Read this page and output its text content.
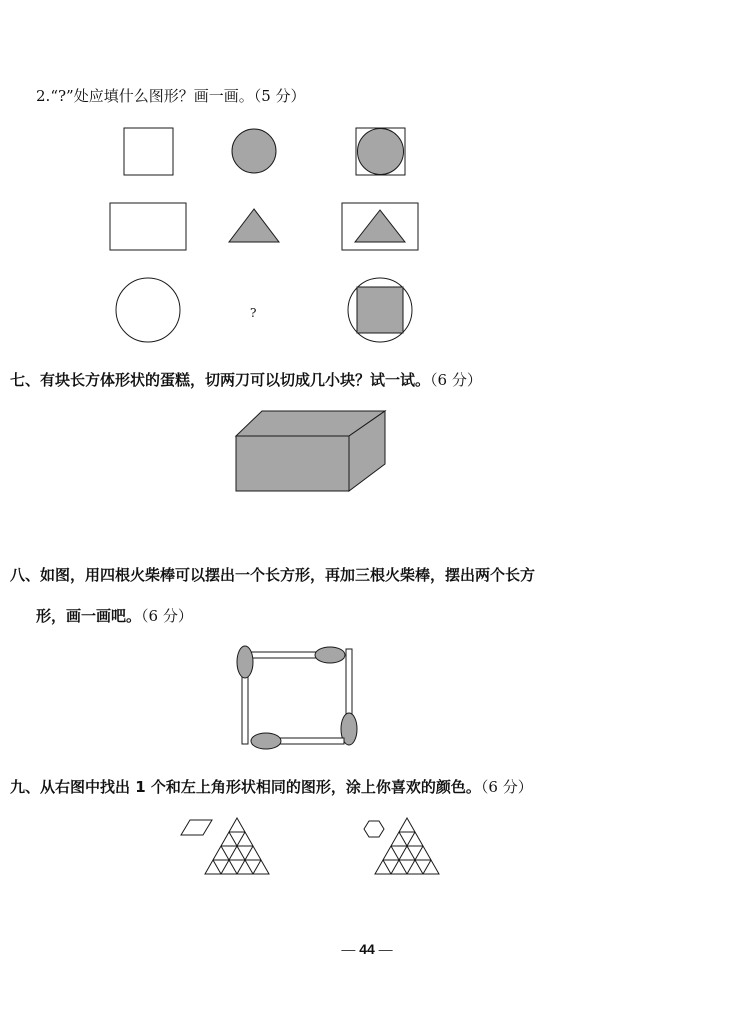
2.“?”处应填什么图形？画一画。（5 分）
七、有块长方体形状的蛋糕，切两刀可以切成几小块？试一试。（6 分）
八、如图，用四根火柴棒可以摆出一个长方形，再加三根火柴棒，摆出两个长方
形，画一画吧。（6 分）
九、从右图中找出 1 个和左上角形状相同的图形，涂上你喜欢的颜色。（6 分）
?
— 44 —
